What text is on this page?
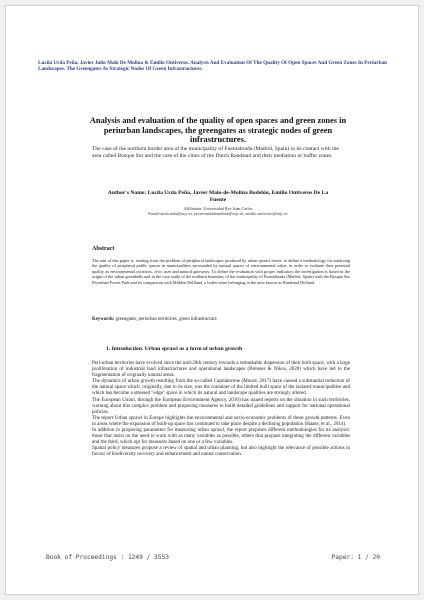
Lucila Urda Peña, Javier Julio Malo De Molina & Emilio Ontiveros. Analysis And Evaluation Of The Quality Of Open Spaces And Green Zones In Periurban Landscapes. The Greengates As Strategic Nodes Of Green Infrastructures.
Analysis and evaluation of the quality of open spaces and green zones in periurban landscapes, the greengates as strategic nodes of green infrastructures.
The case of the northern border area of the municipality of Fuenlabrada (Madrid, Spain) in its contact with the area called Bosque Sur and the case of the cities of the Dutch Randstad and their mediation or buffer zones.
Author's Name: Lucila Urda Peña, Javier Malo-de-Molina Bodelón, Emilio Ontiveros De La Fuente
Affiliation: Universidad Rey Juan Carlos
Email:lucila.urda@urjc.es, javier.malodemolina@urjc.es, emilio.ontiveros@urjc.es
Abstract
The aim of this paper is, starting from the problem of peripheral landscapes produced by urban sprawl forms, to define a methodology for analysing the quality of peripheral public spaces in municipalities surrounded by natural spaces of environmental value, in order to evaluate their potential quality as environmental corridors, civic uses and natural gateways. To define the evaluation with proper indicators the investigation is based in the origin of the urban greenbelts and in the case study of the northern boundary of the municipality of Fuenlabrada (Madrid, Spain) with the Bosque Sur Periurban Forest Park and its comparison with Midden Delfland, a buffer-zone belonging to the area known as Randstad Holland.
Keywords: greengates, periurban territories, green infrastructure
1. Introduction. Urban sprawl as a form of urban growth

Peri-urban territories have evolved since the mid-20th century towards a remarkable dispersion of their built space, with a large proliferation of industrial land infrastructures and operational landscapes (Brenner & Nikos, 2020) which have led to the fragmentation of originally natural areas.

The dynamics of urban growth resulting from the so-called Capitalocene (Moore, 2017) have caused a substantial reduction of the natural space which, originally, due to its size, was the container of the limited built space of the isolated municipalities and which has become a stressed "edge" space in which its natural and landscape qualities are strongly altered.

The European Union, through the European Environment Agency, 2016) has issued reports on the situation in such territories, warning about this complex problem and proposing measures to build detailed guidelines and support for national operational policies.

The report Urban sprawl in Europe highlights the environmental and socio-economic problems of these growth patterns. Even in areas where the expansion of built-up space has continued to take place despite a declining population (Haase, et al., 2014).

In addition to proposing parameters for measuring urban sprawl, the report proposes different methodologies for its analysis: those that insist on the need to work with as many variables as possible, others that propose integrating the different variables and the third, which opt for measures based on one or a few variables.

Spatial policy measures propose a review of spatial and urban planning, but also highlight the relevance of possible actions in favour of biodiversity recovery and enhancement and nature conservation.

Book of Proceedings : 1249 / 3553	Paper: 1 / 20
